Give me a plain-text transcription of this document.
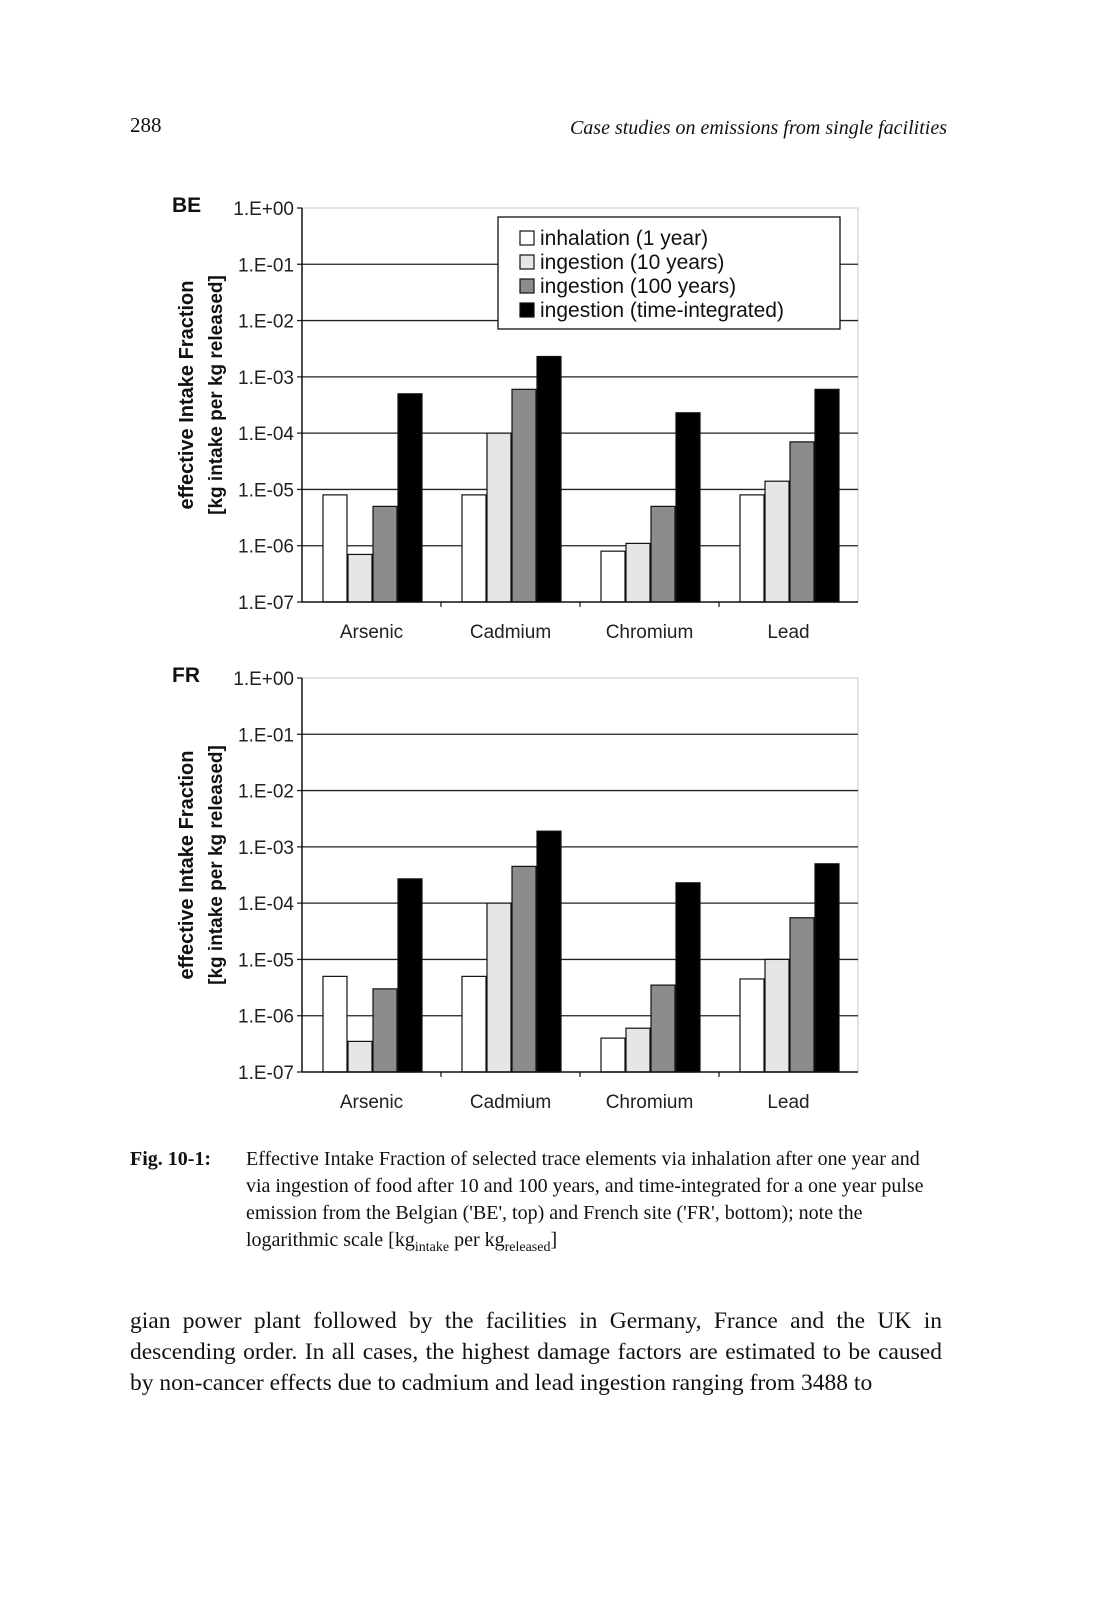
288	Case studies on emissions from single facilities
1.E+00
1.E-01
1.E-02
1.E-03
1.E-04
1.E-05
1.E-06
1.E-07
Arsenic	Cadmium	Chromium	Lead
BE
effective Intake Fraction [kg intake per kg released]
inhalation (1 year)
ingestion (10 years)
ingestion (100 years)
ingestion (time-integrated)
1.E+00
1.E-01
1.E-02
1.E-03
1.E-04
1.E-05
1.E-06
1.E-07
Arsenic	Cadmium	Chromium	Lead
FR
effective Intake Fraction [kg intake per kg released]
Fig. 10-1: Effective Intake Fraction of selected trace elements via inhalation after one year and via ingestion of food after 10 and 100 years, and time-integrated for a one year pulse emission from the Belgian ('BE', top) and French site ('FR', bottom); note the logarithmic scale [$kg_{intake}$ per $kg_{released}$]

gian power plant followed by the facilities in Germany, France and the UK in descending order. In all cases, the highest damage factors are estimated to be caused by non-cancer effects due to cadmium and lead ingestion ranging from 3488 to
